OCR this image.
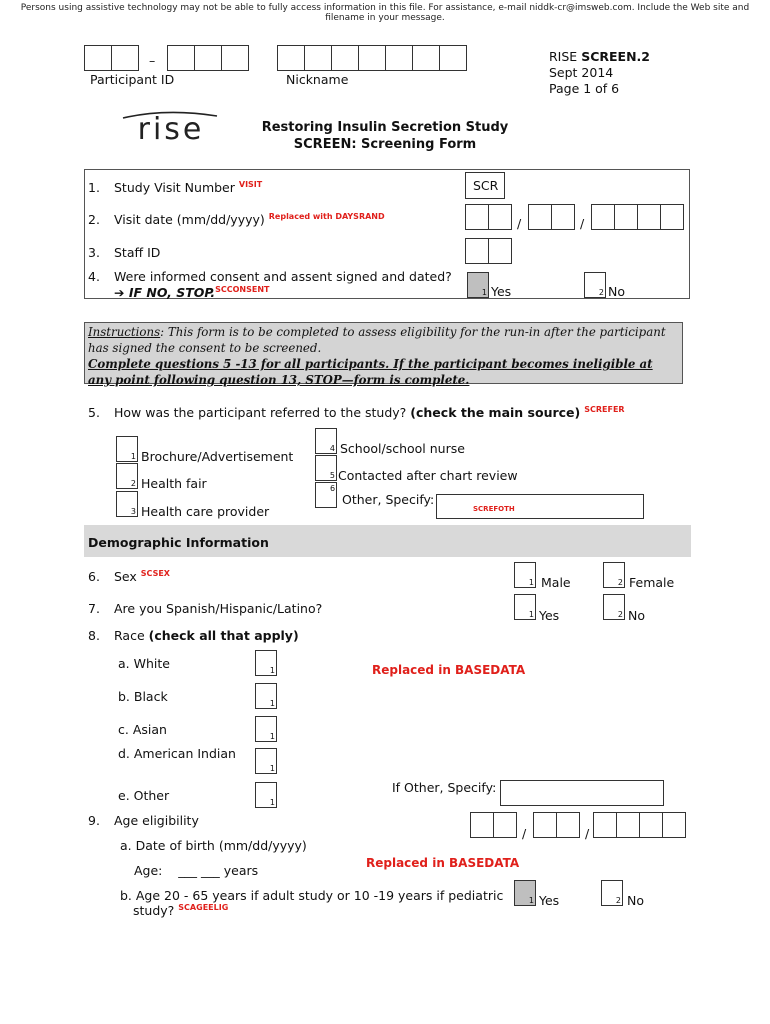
Persons using assistive technology may not be able to fully access information in this file. For assistance, e-mail niddk-cr@imsweb.com. Include the Web site and filename in your message.
–
Participant ID	Nickname
RISE SCREEN.2
Sept 2014
Page 1 of 6
rise	Restoring Insulin Secretion Study
SCREEN: Screening Form
1. Study Visit Number $^{VISIT}$	SCR
2. Visit date (mm/dd/yyyy) $^{Replaced with DAYSRAND}$	/	/
3. Staff ID
4. Were informed consent and assent signed and dated?
➔ IF NO, STOP.$^{SCCONSENT}$	1 Yes	2 No
Instructions: This form is to be completed to assess eligibility for the run-in after the participant has signed the consent to be screened.
Complete questions 5 -13 for all participants. If the participant becomes ineligible at any point following question 13, STOP—form is complete.
5. How was the participant referred to the study? (check the main source) $^{SCREFER}$
1 Brochure/Advertisement
2 Health fair
3 Health care provider
4 School/school nurse
5 Contacted after chart review
6
Other, Specify:
SCREFOTH
Demographic Information
6. Sex $^{SCSEX}$
1 Male	2 Female
7. Are you Spanish/Hispanic/Latino?	1 Yes	2 No
8. Race (check all that apply)
a. White	1
b. Black	1
c. Asian	1
d. American Indian
1
e. Other	1
Replaced in BASEDATA
If Other, Specify:
9. Age eligibility
a. Date of birth (mm/dd/yyyy)
/	/
Age: ___ ___ years	Replaced in BASEDATA
b. Age 20 - 65 years if adult study or 10 -19 years if pediatric
study? $^{SCAGEELIG}$
1 Yes	2 No
